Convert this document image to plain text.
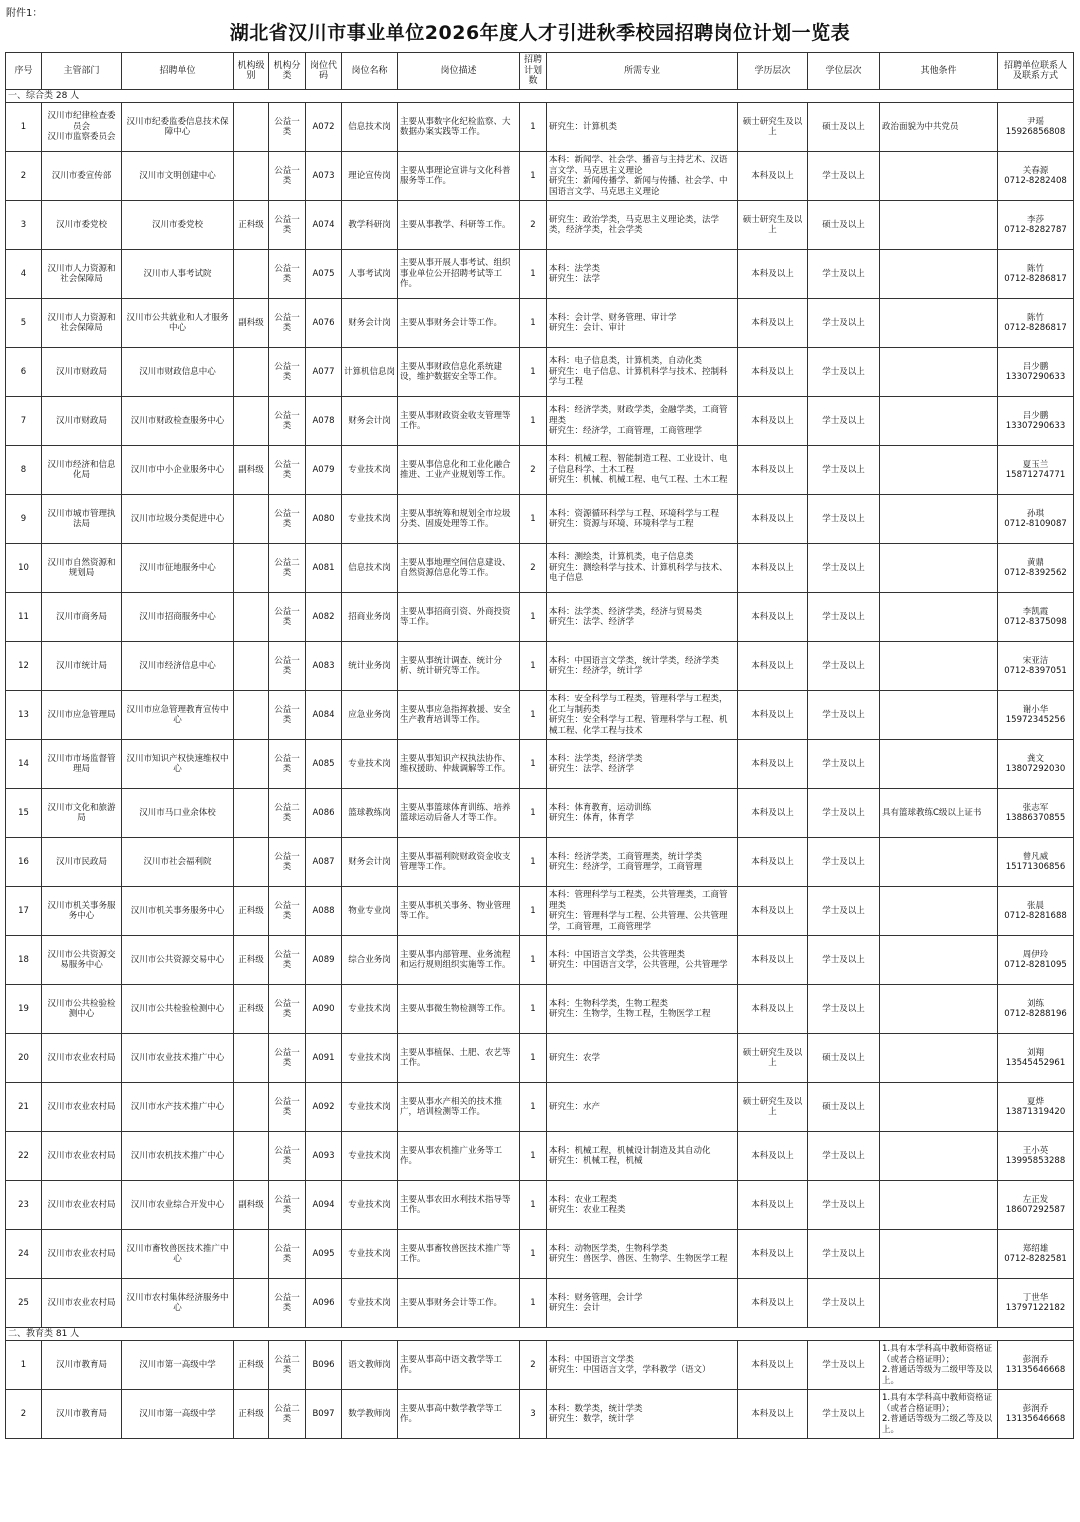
附件1：
湖北省汉川市事业单位2026年度人才引进秋季校园招聘岗位计划一览表
序号	主管部门	招聘单位	机构级别	机构分类	岗位代码	岗位名称	岗位描述	招聘计划数	所需专业	学历层次	学位层次	其他条件	招聘单位联系人及联系方式
一、综合类 28 人													
1	汉川市纪律检查委员会
汉川市监察委员会	汉川市纪委监委信息技术保障中心		公益一类	A072	信息技术岗	主要从事数字化纪检监察、大数据办案实践等工作。	1	研究生：计算机类	硕士研究生及以上	硕士及以上	政治面貌为中共党员	尹瑶
15926856808
2	汉川市委宣传部	汉川市文明创建中心		公益一类	A073	理论宣传岗	主要从事理论宣讲与文化科普服务等工作。	1	本科：新闻学、社会学、播音与主持艺术、汉语言文学、马克思主义理论
研究生：新闻传播学、新闻与传播、社会学、中国语言文学、马克思主义理论	本科及以上	学士及以上		关春源
0712-8282408
3	汉川市委党校	汉川市委党校	正科级	公益一类	A074	教学科研岗	主要从事教学、科研等工作。	2	研究生：政治学类，马克思主义理论类，法学类，经济学类，社会学类	硕士研究生及以上	硕士及以上		李莎
0712-8282787
4	汉川市人力资源和社会保障局	汉川市人事考试院		公益一类	A075	人事考试岗	主要从事开展人事考试、组织事业单位公开招聘考试等工作。	1	本科：法学类
研究生：法学	本科及以上	学士及以上		陈竹
0712-8286817
5	汉川市人力资源和社会保障局	汉川市公共就业和人才服务中心	副科级	公益一类	A076	财务会计岗	主要从事财务会计等工作。	1	本科：会计学、财务管理、审计学
研究生：会计、审计	本科及以上	学士及以上		陈竹
0712-8286817
6	汉川市财政局	汉川市财政信息中心		公益一类	A077	计算机信息岗	主要从事财政信息化系统建设，维护数据安全等工作。	1	本科：电子信息类，计算机类，自动化类
研究生：电子信息、计算机科学与技术、控制科学与工程	本科及以上	学士及以上		吕少鹏
13307290633
7	汉川市财政局	汉川市财政检查服务中心		公益一类	A078	财务会计岗	主要从事财政资金收支管理等工作。	1	本科：经济学类，财政学类，金融学类，工商管理类
研究生：经济学，工商管理，工商管理学	本科及以上	学士及以上		吕少鹏
13307290633
8	汉川市经济和信息化局	汉川市中小企业服务中心	副科级	公益一类	A079	专业技术岗	主要从事信息化和工业化融合推进、工业产业规划等工作。	2	本科：机械工程、智能制造工程、工业设计、电子信息科学、土木工程
研究生：机械、机械工程、电气工程、土木工程	本科及以上	学士及以上		夏玉兰
15871274771
9	汉川市城市管理执法局	汉川市垃圾分类促进中心		公益一类	A080	专业技术岗	主要从事统筹和规划全市垃圾分类、固废处理等工作。	1	本科：资源循环科学与工程、环境科学与工程
研究生：资源与环境、环境科学与工程	本科及以上	学士及以上		孙琪
0712-8109087
10	汉川市自然资源和规划局	汉川市征地服务中心		公益二类	A081	信息技术岗	主要从事地理空间信息建设、自然资源信息化等工作。	2	本科：测绘类，计算机类，电子信息类
研究生：测绘科学与技术、计算机科学与技术、电子信息	本科及以上	学士及以上		黄鼎
0712-8392562
11	汉川市商务局	汉川市招商服务中心		公益一类	A082	招商业务岗	主要从事招商引资、外商投资等工作。	1	本科：法学类、经济学类，经济与贸易类
研究生：法学、经济学	本科及以上	学士及以上		李凯霞
0712-8375098
12	汉川市统计局	汉川市经济信息中心		公益一类	A083	统计业务岗	主要从事统计调查、统计分析、统计研究等工作。	1	本科：中国语言文学类，统计学类，经济学类
研究生：经济学，统计学	本科及以上	学士及以上		宋亚洁
0712-8397051
13	汉川市应急管理局	汉川市应急管理教育宣传中心		公益一类	A084	应急业务岗	主要从事应急指挥救援、安全生产教育培训等工作。	1	本科：安全科学与工程类，管理科学与工程类，化工与制药类
研究生：安全科学与工程、管理科学与工程、机械工程、化学工程与技术	本科及以上	学士及以上		谢小华
15972345256
14	汉川市市场监督管理局	汉川市知识产权快速维权中心		公益一类	A085	专业技术岗	主要从事知识产权执法协作、维权援助、仲裁调解等工作。	1	本科：法学类，经济学类
研究生：法学、经济学	本科及以上	学士及以上		龚文
13807292030
15	汉川市文化和旅游局	汉川市马口业余体校		公益二类	A086	篮球教练岗	主要从事篮球体育训练、培养篮球运动后备人才等工作。	1	本科：体育教育，运动训练
研究生：体育，体育学	本科及以上	学士及以上	具有篮球教练C级以上证书	张志军
13886370855
16	汉川市民政局	汉川市社会福利院		公益一类	A087	财务会计岗	主要从事福利院财政资金收支管理等工作。	1	本科：经济学类，工商管理类，统计学类
研究生：经济学，工商管理学，工商管理	本科及以上	学士及以上		曾凡威
15171306856
17	汉川市机关事务服务中心	汉川市机关事务服务中心	正科级	公益一类	A088	物业专业岗	主要从事机关事务、物业管理等工作。	1	本科：管理科学与工程类，公共管理类，工商管理类
研究生：管理科学与工程、公共管理、公共管理学，工商管理，工商管理学	本科及以上	学士及以上		张晨
0712-8281688
18	汉川市公共资源交易服务中心	汉川市公共资源交易中心	正科级	公益一类	A089	综合业务岗	主要从事内部管理、业务流程和运行规则组织实施等工作。	1	本科：中国语言文学类，公共管理类
研究生：中国语言文学，公共管理，公共管理学	本科及以上	学士及以上		周伊玲
0712-8281095
19	汉川市公共检验检测中心	汉川市公共检验检测中心	正科级	公益一类	A090	专业技术岗	主要从事微生物检测等工作。	1	本科：生物科学类，生物工程类
研究生：生物学，生物工程，生物医学工程	本科及以上	学士及以上		刘练
0712-8288196
20	汉川市农业农村局	汉川市农业技术推广中心		公益一类	A091	专业技术岗	主要从事植保、土肥、农艺等工作。	1	研究生：农学	硕士研究生及以上	硕士及以上		刘翔
13545452961
21	汉川市农业农村局	汉川市水产技术推广中心		公益一类	A092	专业技术岗	主要从事水产相关的技术推广，培训检测等工作。	1	研究生：水产	硕士研究生及以上	硕士及以上		夏烨
13871319420
22	汉川市农业农村局	汉川市农机技术推广中心		公益一类	A093	专业技术岗	主要从事农机推广业务等工作。	1	本科：机械工程，机械设计制造及其自动化
研究生：机械工程，机械	本科及以上	学士及以上		王小英
13995853288
23	汉川市农业农村局	汉川市农业综合开发中心	副科级	公益一类	A094	专业技术岗	主要从事农田水利技术指导等工作。	1	本科：农业工程类
研究生：农业工程类	本科及以上	学士及以上		左正发
18607292587
24	汉川市农业农村局	汉川市畜牧兽医技术推广中心		公益一类	A095	专业技术岗	主要从事畜牧兽医技术推广等工作。	1	本科：动物医学类，生物科学类
研究生：兽医学、兽医、生物学、生物医学工程	本科及以上	学士及以上		郑绍雄
0712-8282581
25	汉川市农业农村局	汉川市农村集体经济服务中心		公益一类	A096	专业技术岗	主要从事财务会计等工作。	1	本科：财务管理，会计学
研究生：会计	本科及以上	学士及以上		丁世华
13797122182
二、教育类 81 人													
1	汉川市教育局	汉川市第一高级中学	正科级	公益二类	B096	语文教师岗	主要从事高中语文教学等工作。	2	本科：中国语言文学类
研究生：中国语言文学，学科教学（语文）	本科及以上	学士及以上	1.具有本学科高中教师资格证（或者合格证明）；
2.普通话等级为二级甲等及以上。	彭润乔
13135646668
2	汉川市教育局	汉川市第一高级中学	正科级	公益二类	B097	数学教师岗	主要从事高中数学教学等工作。	3	本科：数学类，统计学类
研究生：数学，统计学	本科及以上	学士及以上	1.具有本学科高中教师资格证（或者合格证明）；
2.普通话等级为二级乙等及以上。	彭润乔
13135646668
